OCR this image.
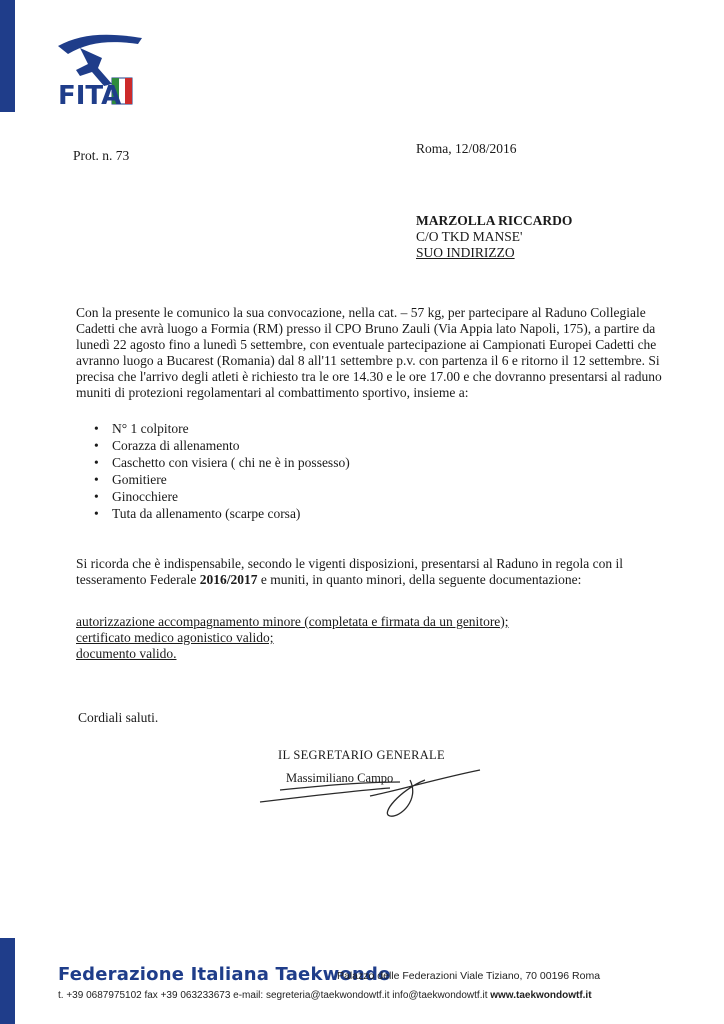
FITA
Prot. n. 73	Roma, 12/08/2016
MARZOLLA RICCARDO
C/O TKD MANSE'
SUO INDIRIZZO
Con la presente le comunico la sua convocazione, nella cat. – 57 kg, per partecipare al Raduno Collegiale Cadetti che avrà luogo a Formia (RM) presso il CPO Bruno Zauli (Via Appia lato Napoli, 175), a partire da lunedì 22 agosto fino a lunedì 5 settembre, con eventuale partecipazione ai Campionati Europei Cadetti che avranno luogo a Bucarest (Romania) dal 8 all'11 settembre p.v. con partenza il 6 e ritorno il 12 settembre. Si precisa che l'arrivo degli atleti è richiesto tra le ore 14.30 e le ore 17.00 e che dovranno presentarsi al raduno muniti di protezioni regolamentari al combattimento sportivo, insieme a:
• N° 1 colpitore
• Corazza di allenamento
• Caschetto con visiera ( chi ne è in possesso)
• Gomitiere
• Ginocchiere
• Tuta da allenamento (scarpe corsa)
Si ricorda che è indispensabile, secondo le vigenti disposizioni, presentarsi al Raduno in regola con il tesseramento Federale 2016/2017 e muniti, in quanto minori, della seguente documentazione:
autorizzazione accompagnamento minore (completata e firmata da un genitore);
certificato medico agonistico valido;
documento valido.
Cordiali saluti.
IL SEGRETARIO GENERALE
Massimiliano Campo
Federazione Italiana Taekwondo
Palazzo delle Federazioni Viale Tiziano, 70 00196 Roma
t. +39 0687975102 fax +39 063233673 e-mail: segreteria@taekwondowtf.it info@taekwondowtf.it www.taekwondowtf.it
